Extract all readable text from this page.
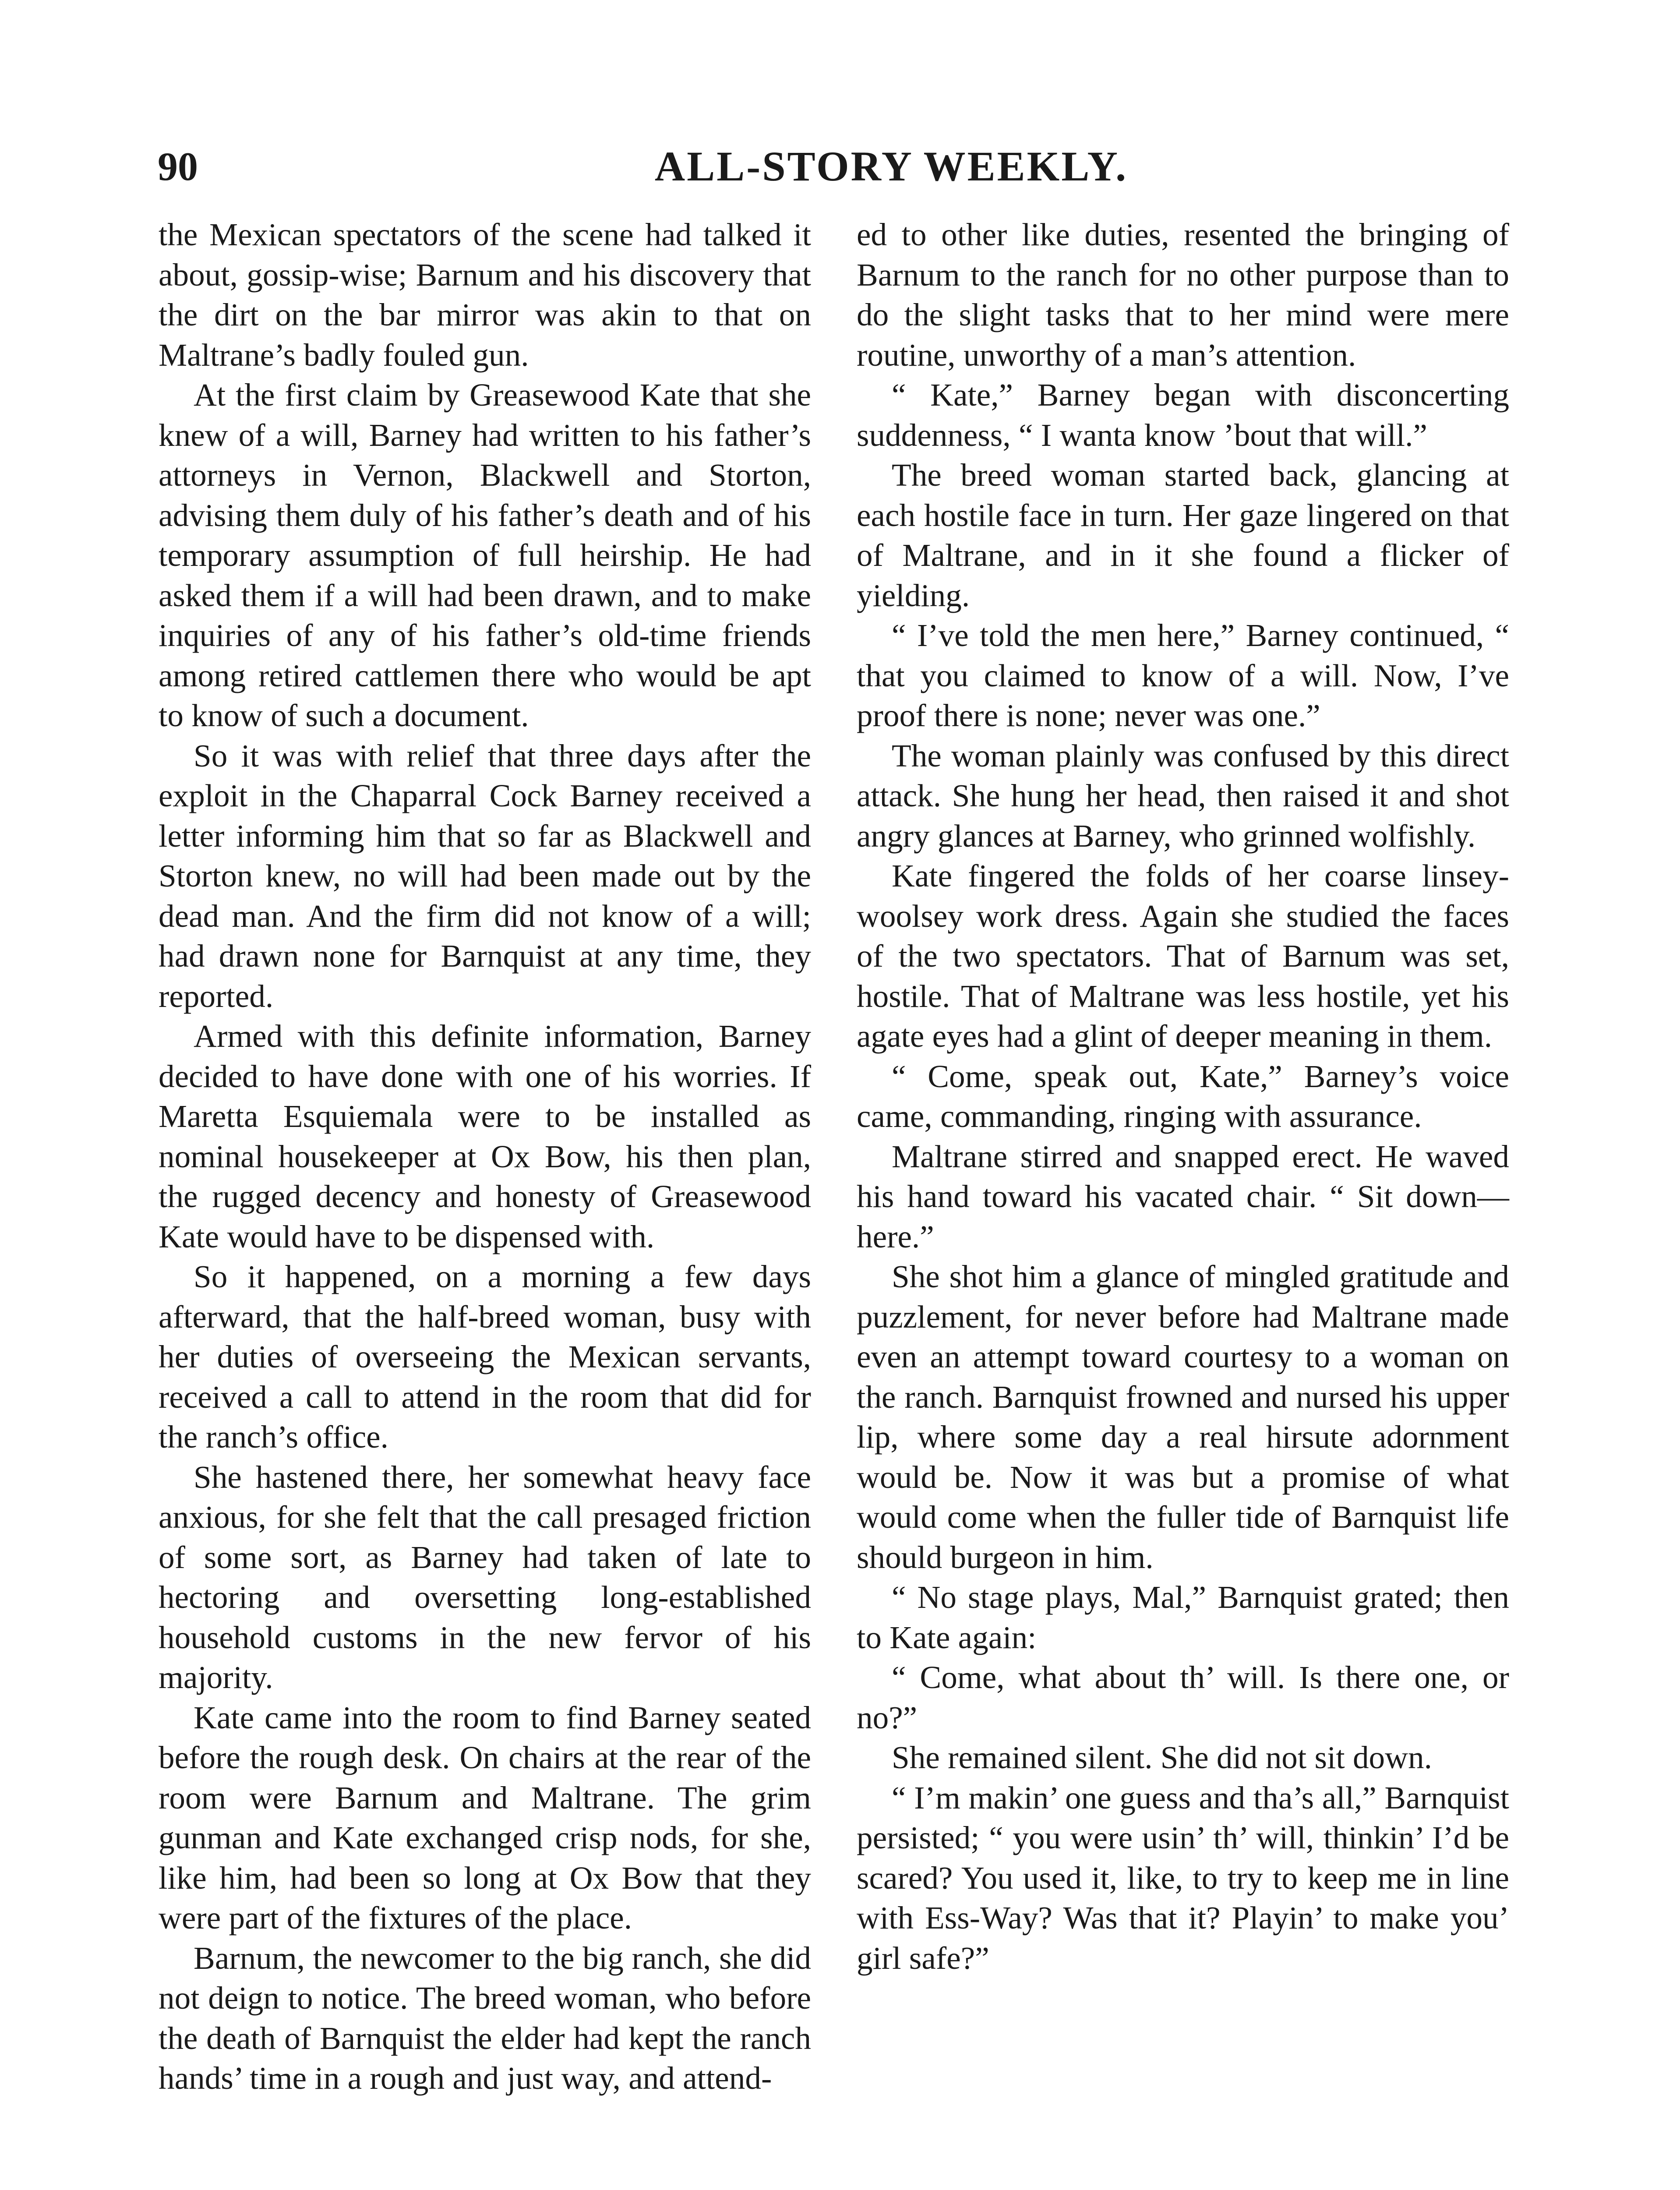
90	ALL-STORY WEEKLY.

the Mexican spectators of the scene had talked it about, gossip-wise; Barnum and his discovery that the dirt on the bar mirror was akin to that on Maltrane’s badly fouled gun.

At the first claim by Greasewood Kate that she knew of a will, Barney had written to his father’s attorneys in Vernon, Blackwell and Storton, advising them duly of his father’s death and of his temporary assumption of full heirship. He had asked them if a will had been drawn, and to make inquiries of any of his father’s old-time friends among retired cattlemen there who would be apt to know of such a document.

So it was with relief that three days after the exploit in the Chaparral Cock Barney received a letter informing him that so far as Blackwell and Storton knew, no will had been made out by the dead man. And the firm did not know of a will; had drawn none for Barnquist at any time, they reported.

Armed with this definite information, Barney decided to have done with one of his worries. If Maretta Esquiemala were to be installed as nominal housekeeper at Ox Bow, his then plan, the rugged decency and honesty of Greasewood Kate would have to be dispensed with.

So it happened, on a morning a few days afterward, that the half-breed woman, busy with her duties of overseeing the Mexican servants, received a call to attend in the room that did for the ranch’s office.

She hastened there, her somewhat heavy face anxious, for she felt that the call presaged friction of some sort, as Barney had taken of late to hectoring and oversetting long-established household customs in the new fervor of his majority.

Kate came into the room to find Barney seated before the rough desk. On chairs at the rear of the room were Barnum and Maltrane. The grim gunman and Kate exchanged crisp nods, for she, like him, had been so long at Ox Bow that they were part of the fixtures of the place.

Barnum, the newcomer to the big ranch, she did not deign to notice. The breed woman, who before the death of Barnquist the elder had kept the ranch hands’ time in a rough and just way, and attend-

ed to other like duties, resented the bringing of Barnum to the ranch for no other purpose than to do the slight tasks that to her mind were mere routine, unworthy of a man’s attention.

“ Kate,” Barney began with disconcerting suddenness, “ I wanta know ’bout that will.”

The breed woman started back, glancing at each hostile face in turn. Her gaze lingered on that of Maltrane, and in it she found a flicker of yielding.

“ I’ve told the men here,” Barney continued, “ that you claimed to know of a will. Now, I’ve proof there is none; never was one.”

The woman plainly was confused by this direct attack. She hung her head, then raised it and shot angry glances at Barney, who grinned wolfishly.

Kate fingered the folds of her coarse linsey-woolsey work dress. Again she studied the faces of the two spectators. That of Barnum was set, hostile. That of Maltrane was less hostile, yet his agate eyes had a glint of deeper meaning in them.

“ Come, speak out, Kate,” Barney’s voice came, commanding, ringing with assurance.

Maltrane stirred and snapped erect. He waved his hand toward his vacated chair. “ Sit down—here.”

She shot him a glance of mingled gratitude and puzzlement, for never before had Maltrane made even an attempt toward courtesy to a woman on the ranch. Barnquist frowned and nursed his upper lip, where some day a real hirsute adornment would be. Now it was but a promise of what would come when the fuller tide of Barnquist life should burgeon in him.

“ No stage plays, Mal,” Barnquist grated; then to Kate again:

“ Come, what about th’ will. Is there one, or no?”

She remained silent. She did not sit down.

“ I’m makin’ one guess and tha’s all,” Barnquist persisted; “ you were usin’ th’ will, thinkin’ I’d be scared? You used it, like, to try to keep me in line with Ess-Way? Was that it? Playin’ to make you’ girl safe?”
